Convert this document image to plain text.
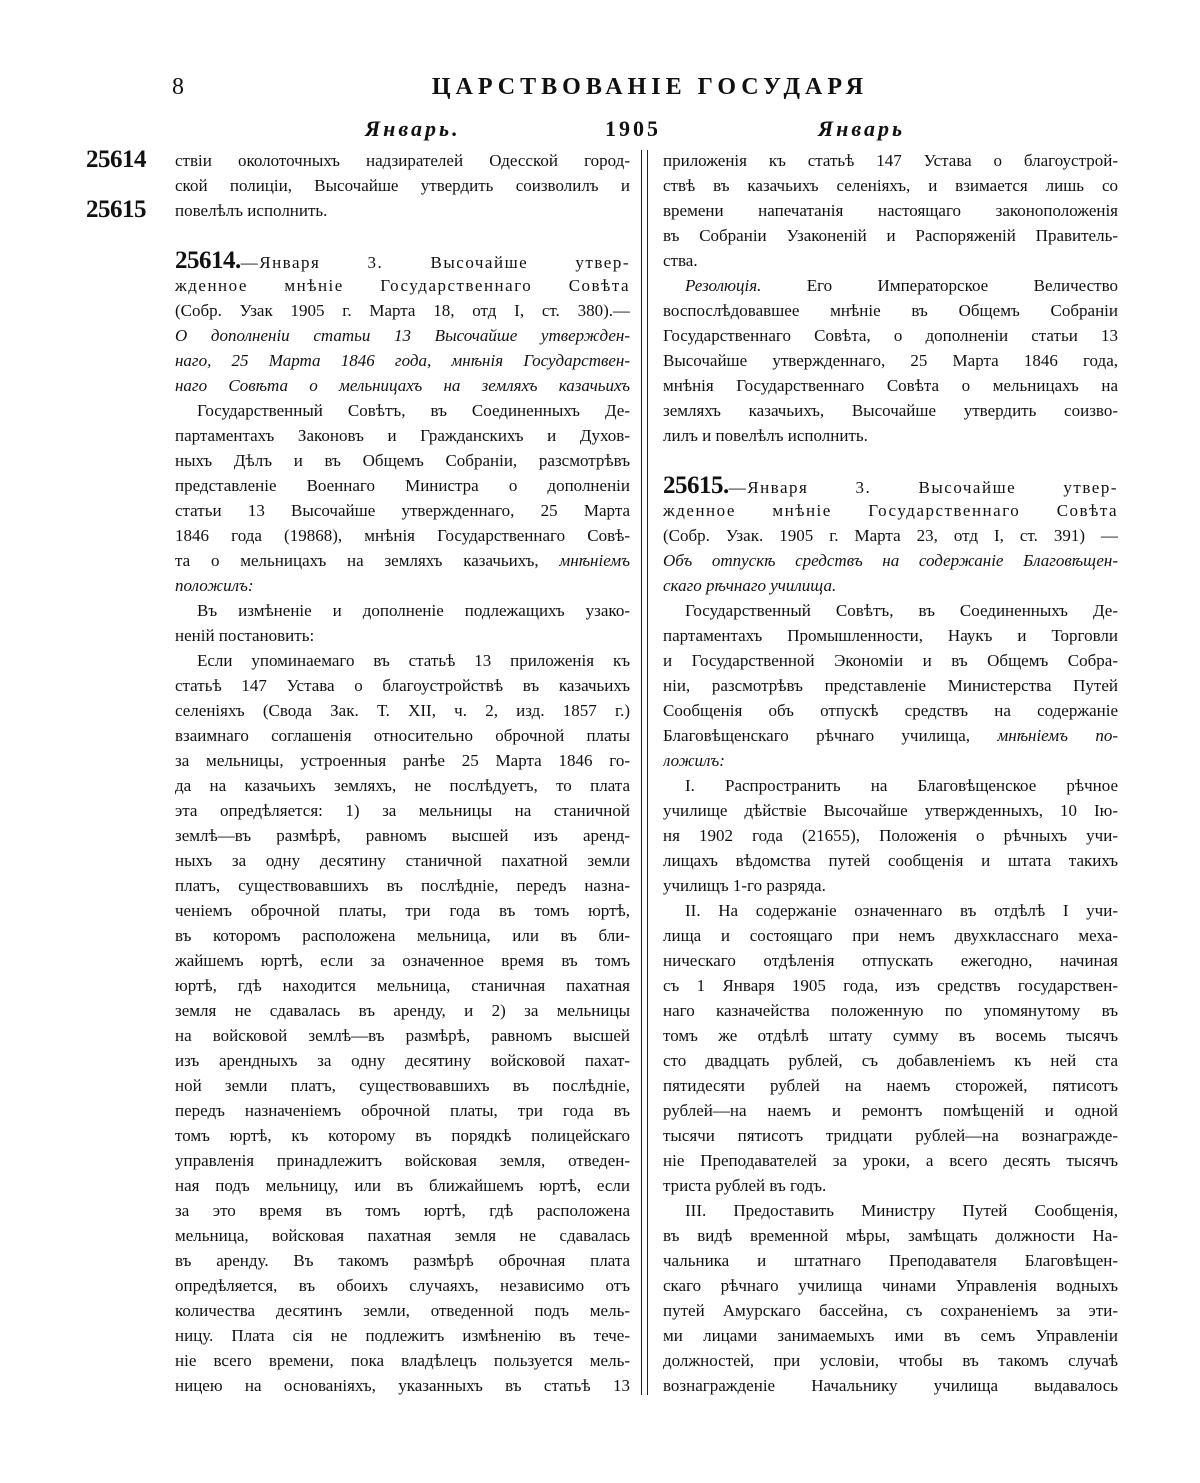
8	ЦАРСТВОВАНІЕ ГОСУДАРЯ
Январь.	1905	Январь
25614
25615
ствіи околоточныхъ надзирателей Одесской город-
ской полиціи, Высочайше утвердить соизволилъ и
повелѣлъ исполнить.
25614.—Января 3. Высочайше утвер-
жденное мнѣніе Государственнаго Совѣта
(Собр. Узак 1905 г. Марта 18, отд I, ст. 380).—
О дополненіи статьи 13 Высочайше утвержден-
наго, 25 Марта 1846 года, мнѣнія Государствен-
наго Совѣта о мельницахъ на земляхъ казачьихъ
Государственный Совѣтъ, въ Соединенныхъ Де-
партаментахъ Законовъ и Гражданскихъ и Духов-
ныхъ Дѣлъ и въ Общемъ Собраніи, разсмотрѣвъ
представленіе Военнаго Министра о дополненіи
статьи 13 Высочайше утвержденнаго, 25 Марта
1846 года (19868), мнѣнія Государственнаго Совѣ-
та о мельницахъ на земляхъ казачьихъ, мнѣніемъ
положилъ:
Въ измѣненіе и дополненіе подлежащихъ узако-
неній постановить:
Если упоминаемаго въ статьѣ 13 приложенія къ
статьѣ 147 Устава о благоустройствѣ въ казачьихъ
селеніяхъ (Свода Зак. Т. XII, ч. 2, изд. 1857 г.)
взаимнаго соглашенія относительно оброчной платы
за мельницы, устроенныя ранѣе 25 Марта 1846 го-
да на казачьихъ земляхъ, не послѣдуетъ, то плата
эта опредѣляется: 1) за мельницы на станичной
землѣ—въ размѣрѣ, равномъ высшей изъ аренд-
ныхъ за одну десятину станичной пахатной земли
платъ, существовавшихъ въ послѣдніе, передъ назна-
ченіемъ оброчной платы, три года въ томъ юртѣ,
въ которомъ расположена мельница, или въ бли-
жайшемъ юртѣ, если за означенное время въ томъ
юртѣ, гдѣ находится мельница, станичная пахатная
земля не сдавалась въ аренду, и 2) за мельницы
на войсковой землѣ—въ размѣрѣ, равномъ высшей
изъ арендныхъ за одну десятину войсковой пахат-
ной земли платъ, существовавшихъ въ послѣдніе,
передъ назначеніемъ оброчной платы, три года въ
томъ юртѣ, къ которому въ порядкѣ полицейскаго
управленія принадлежитъ войсковая земля, отведен-
ная подъ мельницу, или въ ближайшемъ юртѣ, если
за это время въ томъ юртѣ, гдѣ расположена
мельница, войсковая пахатная земля не сдавалась
въ аренду. Въ такомъ размѣрѣ оброчная плата
опредѣляется, въ обоихъ случаяхъ, независимо отъ
количества десятинъ земли, отведенной подъ мель-
ницу. Плата сія не подлежитъ измѣненію въ тече-
ніе всего времени, пока владѣлецъ пользуется мель-
ницею на основаніяхъ, указанныхъ въ статьѣ 13
приложенія къ статьѣ 147 Устава о благоустрой-
ствѣ въ казачьихъ селеніяхъ, и взимается лишь со
времени напечатанія настоящаго законоположенія
въ Собраніи Узаконеній и Распоряженій Правитель-
ства.
Резолюція. Его Императорское Величество
воспослѣдовавшее мнѣніе въ Общемъ Собраніи
Государственнаго Совѣта, о дополненіи статьи 13
Высочайше утвержденнаго, 25 Марта 1846 года,
мнѣнія Государственнаго Совѣта о мельницахъ на
земляхъ казачьихъ, Высочайше утвердить соизво-
лилъ и повелѣлъ исполнить.
25615.—Января 3. Высочайше утвер-
жденное мнѣніе Государственнаго Совѣта
(Собр. Узак. 1905 г. Марта 23, отд I, ст. 391) —
Объ отпускѣ средствъ на содержаніе Благовѣщен-
скаго рѣчнаго училища.
Государственный Совѣтъ, въ Соединенныхъ Де-
партаментахъ Промышленности, Наукъ и Торговли
и Государственной Экономіи и въ Общемъ Собра-
ніи, разсмотрѣвъ представленіе Министерства Путей
Сообщенія объ отпускѣ средствъ на содержаніе
Благовѣщенскаго рѣчнаго училища, мнѣніемъ по-
ложилъ:
I. Распространить на Благовѣщенское рѣчное
училище дѣйствіе Высочайше утвержденныхъ, 10 Ію-
ня 1902 года (21655), Положенія о рѣчныхъ учи-
лищахъ вѣдомства путей сообщенія и штата такихъ
училищъ 1-го разряда.
II. На содержаніе означеннаго въ отдѣлѣ I учи-
лища и состоящаго при немъ двухкласснаго меха-
ническаго отдѣленія отпускать ежегодно, начиная
съ 1 Января 1905 года, изъ средствъ государствен-
наго казначейства положенную по упомянутому въ
томъ же отдѣлѣ штату сумму въ восемь тысячъ
сто двадцать рублей, съ добавленіемъ къ ней ста
пятидесяти рублей на наемъ сторожей, пятисотъ
рублей—на наемъ и ремонтъ помѣщеній и одной
тысячи пятисотъ тридцати рублей—на вознагражде-
ніе Преподавателей за уроки, а всего десять тысячъ
триста рублей въ годъ.
III. Предоставить Министру Путей Сообщенія,
въ видѣ временной мѣры, замѣщать должности На-
чальника и штатнаго Преподавателя Благовѣщен-
скаго рѣчнаго училища чинами Управленія водныхъ
путей Амурскаго бассейна, съ сохраненіемъ за эти-
ми лицами занимаемыхъ ими въ семъ Управленіи
должностей, при условіи, чтобы въ такомъ случаѣ
вознагражденіе Начальнику училища выдавалось
